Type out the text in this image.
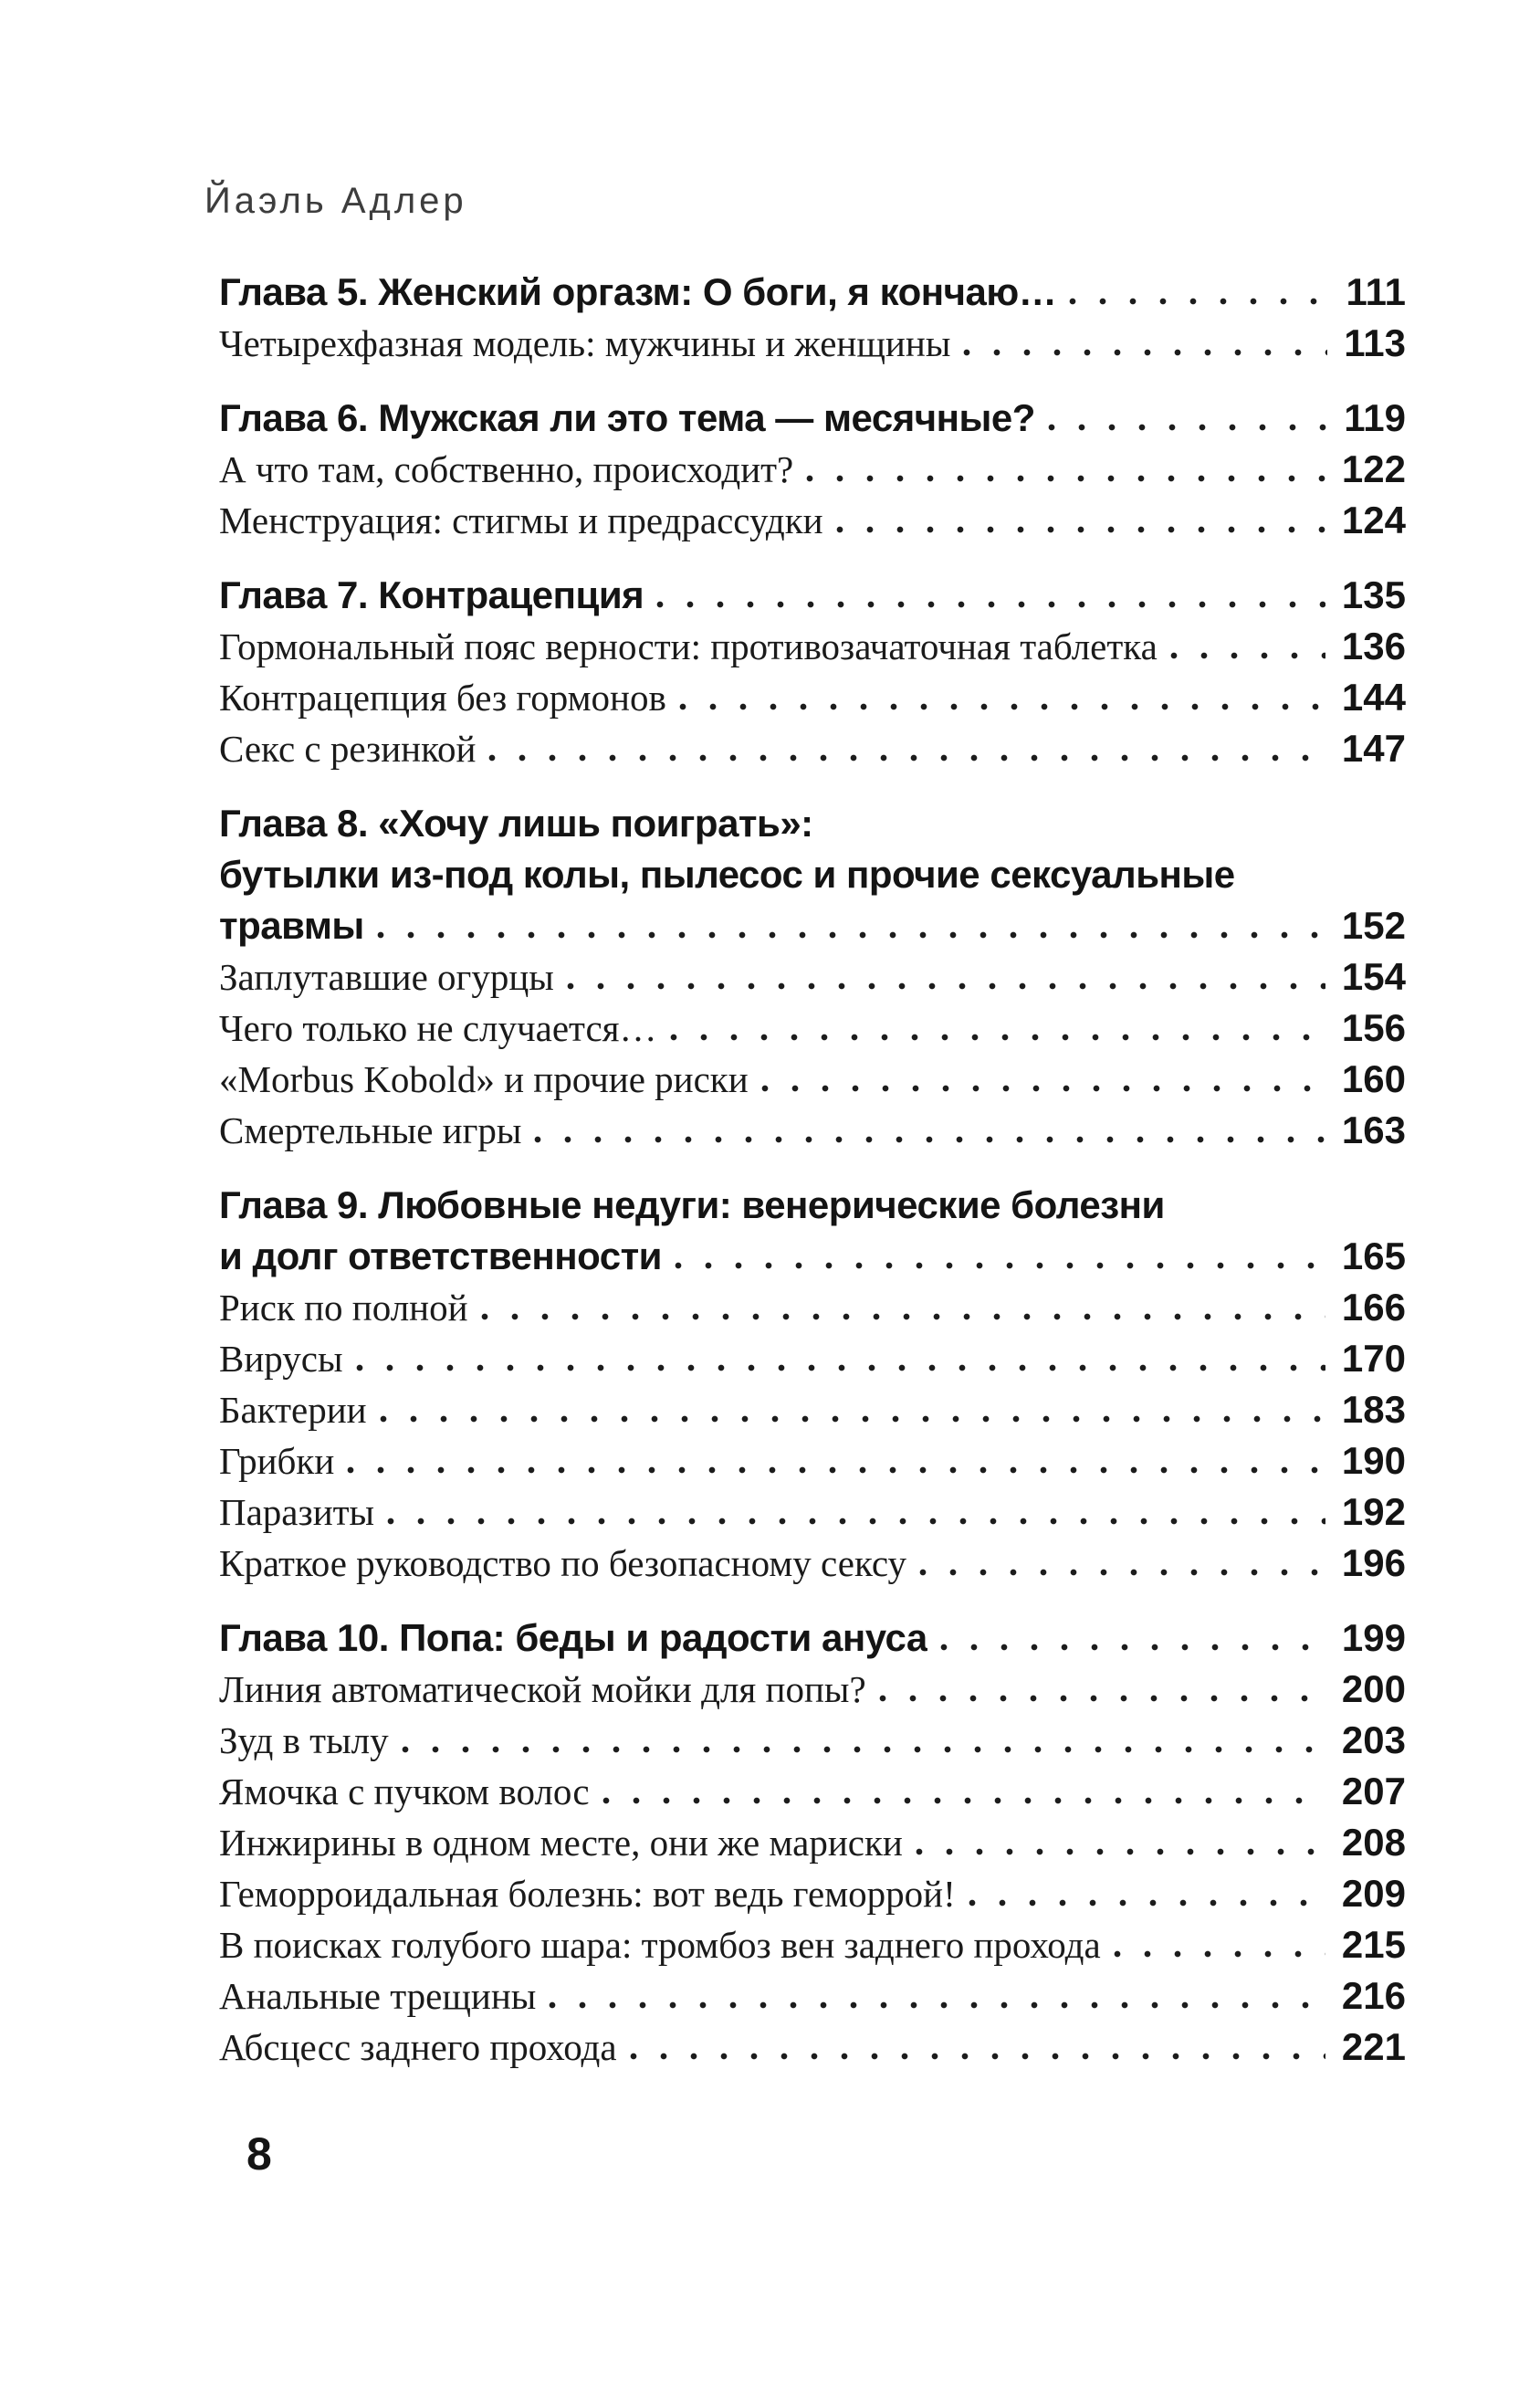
Йаэль Адлер
Глава 5. Женский оргазм: О боги, я кончаю…	111
Четырехфазная модель: мужчины и женщины	113
Глава 6. Мужская ли это тема — месячные?	119
А что там, собственно, происходит?	122
Менструация: стигмы и предрассудки	124
Глава 7. Контрацепция	135
Гормональный пояс верности: противозачаточная таблетка	136
Контрацепция без гормонов	144
Секс с резинкой	147
Глава 8. «Хочу лишь поиграть»:
бутылки из-под колы, пылесос и прочие сексуальные
травмы	152
Заплутавшие огурцы	154
Чего только не случается…	156
«Morbus Kobold» и прочие риски	160
Смертельные игры	163
Глава 9. Любовные недуги: венерические болезни
и долг ответственности	165
Риск по полной	166
Вирусы	170
Бактерии	183
Грибки	190
Паразиты	192
Краткое руководство по безопасному сексу	196
Глава 10. Попа: беды и радости ануса	199
Линия автоматической мойки для попы?	200
Зуд в тылу	203
Ямочка с пучком волос	207
Инжирины в одном месте, они же мариски	208
Геморроидальная болезнь: вот ведь геморрой!	209
В поисках голубого шара: тромбоз вен заднего прохода	215
Анальные трещины	216
Абсцесс заднего прохода	221
8
